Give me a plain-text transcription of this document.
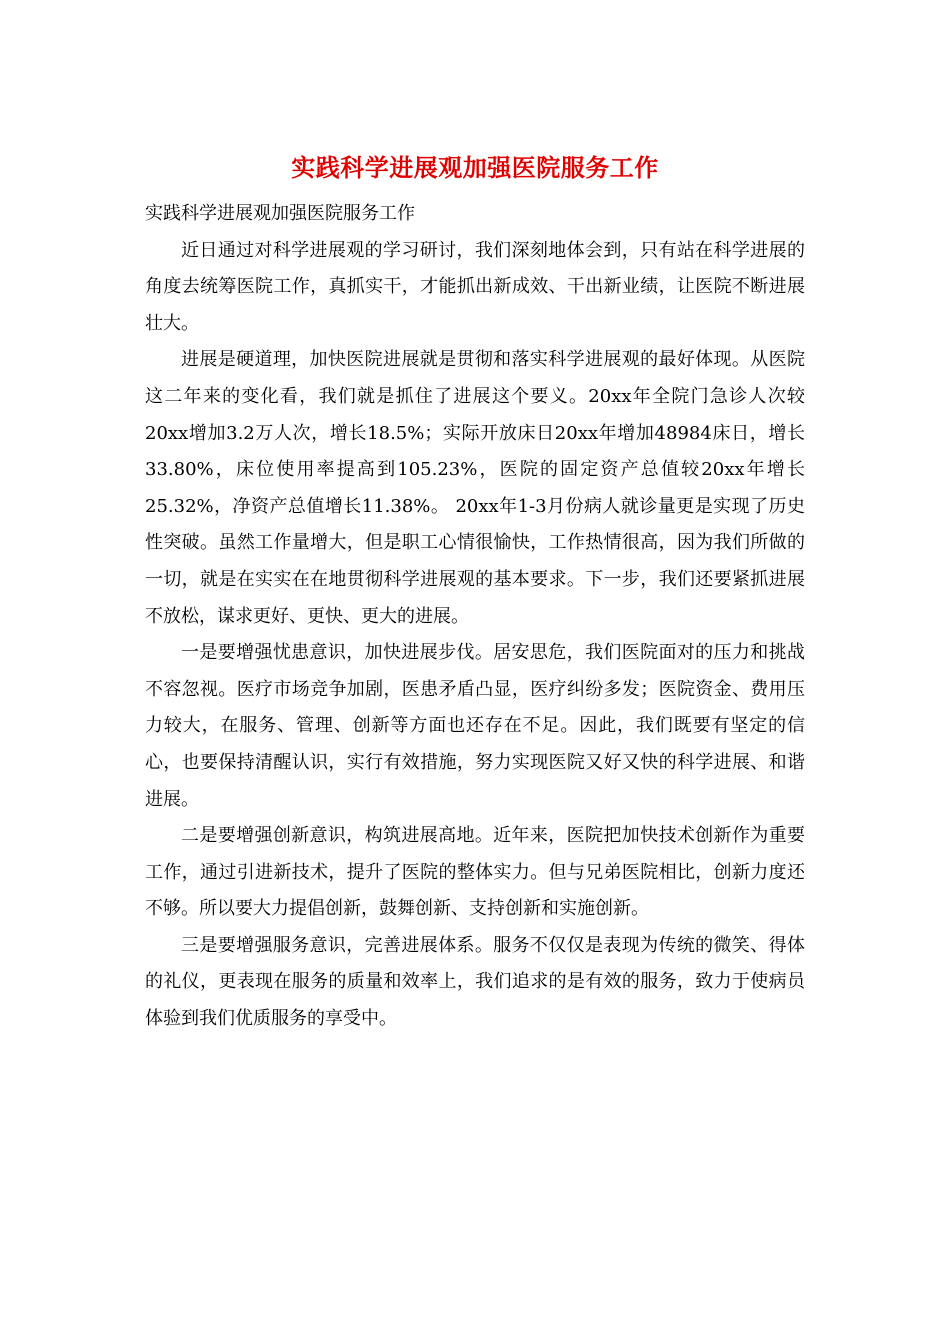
实践科学进展观加强医院服务工作

实践科学进展观加强医院服务工作

近日通过对科学进展观的学习研讨，我们深刻地体会到，只有站在科学进展的角度去统筹医院工作，真抓实干，才能抓出新成效、干出新业绩，让医院不断进展壮大。

进展是硬道理，加快医院进展就是贯彻和落实科学进展观的最好体现。从医院这二年来的变化看，我们就是抓住了进展这个要义。20xx年全院门急诊人次较20xx增加3.2万人次，增长18.5%；实际开放床日20xx年增加48984床日，增长33.80%，床位使用率提高到105.23%，医院的固定资产总值较20xx年增长25.32%，净资产总值增长11.38%。 20xx年1-3月份病人就诊量更是实现了历史性突破。虽然工作量增大，但是职工心情很愉快，工作热情很高，因为我们所做的一切，就是在实实在在地贯彻科学进展观的基本要求。下一步，我们还要紧抓进展不放松，谋求更好、更快、更大的进展。

一是要增强忧患意识，加快进展步伐。居安思危，我们医院面对的压力和挑战不容忽视。医疗市场竞争加剧，医患矛盾凸显，医疗纠纷多发；医院资金、费用压力较大，在服务、管理、创新等方面也还存在不足。因此，我们既要有坚定的信心，也要保持清醒认识，实行有效措施，努力实现医院又好又快的科学进展、和谐进展。

二是要增强创新意识，构筑进展高地。近年来，医院把加快技术创新作为重要工作，通过引进新技术，提升了医院的整体实力。但与兄弟医院相比，创新力度还不够。所以要大力提倡创新，鼓舞创新、支持创新和实施创新。

三是要增强服务意识，完善进展体系。服务不仅仅是表现为传统的微笑、得体的礼仪，更表现在服务的质量和效率上，我们追求的是有效的服务，致力于使病员体验到我们优质服务的享受中。
